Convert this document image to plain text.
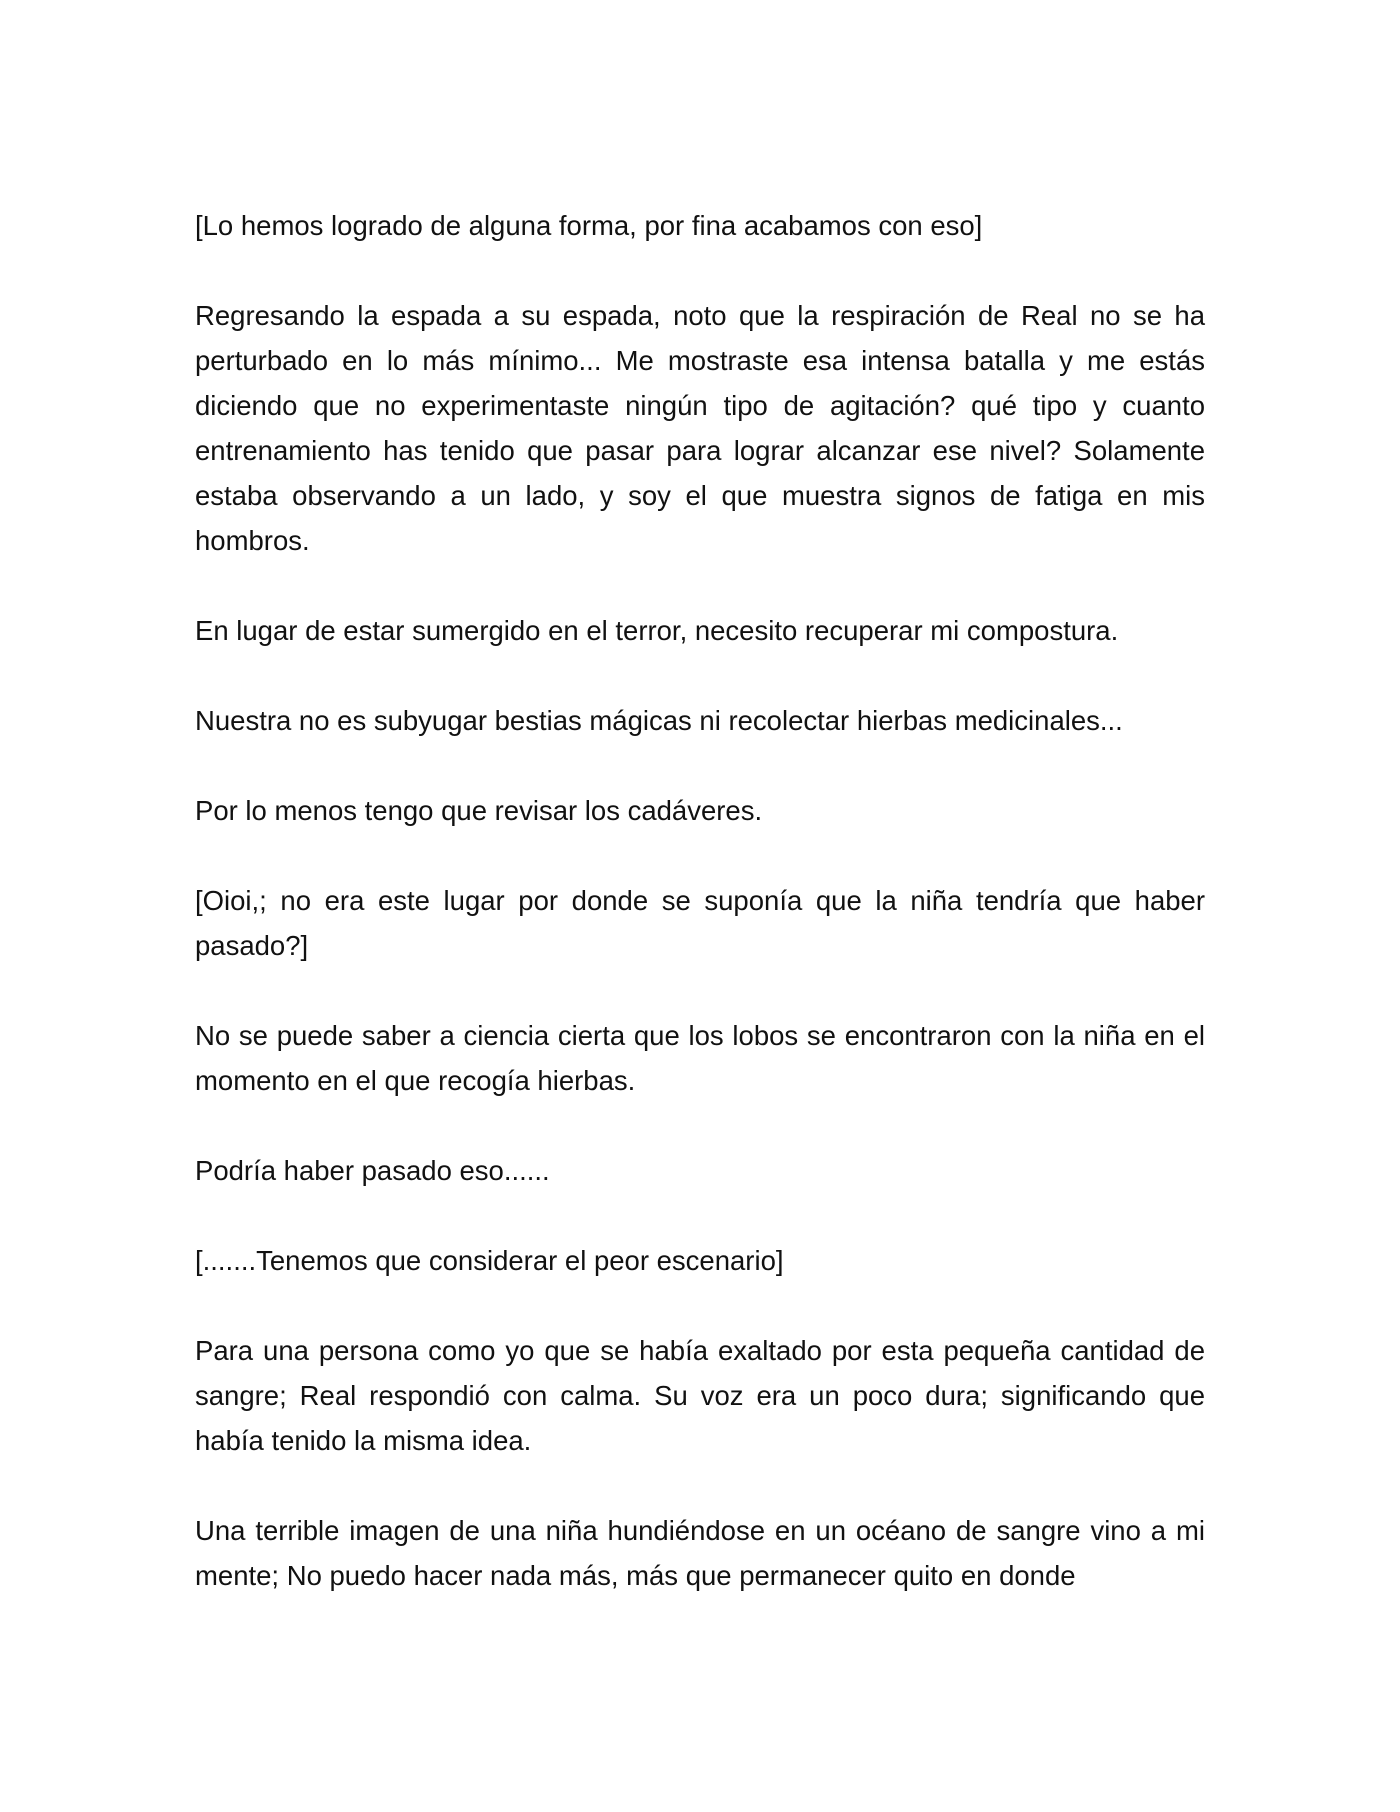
[Lo hemos logrado de alguna forma, por fina acabamos con eso]

Regresando la espada a su espada, noto que la respiración de Real no se ha perturbado en lo más mínimo... Me mostraste esa intensa batalla y me estás diciendo que no experimentaste ningún tipo de agitación? qué tipo y cuanto entrenamiento has tenido que pasar para lograr alcanzar ese nivel? Solamente estaba observando a un lado, y soy el que muestra signos de fatiga en mis hombros.

En lugar de estar sumergido en el terror, necesito recuperar mi compostura.

Nuestra no es subyugar bestias mágicas ni recolectar hierbas medicinales...

Por lo menos tengo que revisar los cadáveres.

[Oioi,; no era este lugar por donde se suponía que la niña tendría que haber pasado?]

No se puede saber a ciencia cierta que los lobos se encontraron con la niña en el momento en el que recogía hierbas.

Podría haber pasado eso......

[.......Tenemos que considerar el peor escenario]

Para una persona como yo que se había exaltado por esta pequeña cantidad de sangre; Real respondió con calma. Su voz era un poco dura; significando que había tenido la misma idea.

Una terrible imagen de una niña hundiéndose en un océano de sangre vino a mi mente; No puedo hacer nada más, más que permanecer quito en donde
